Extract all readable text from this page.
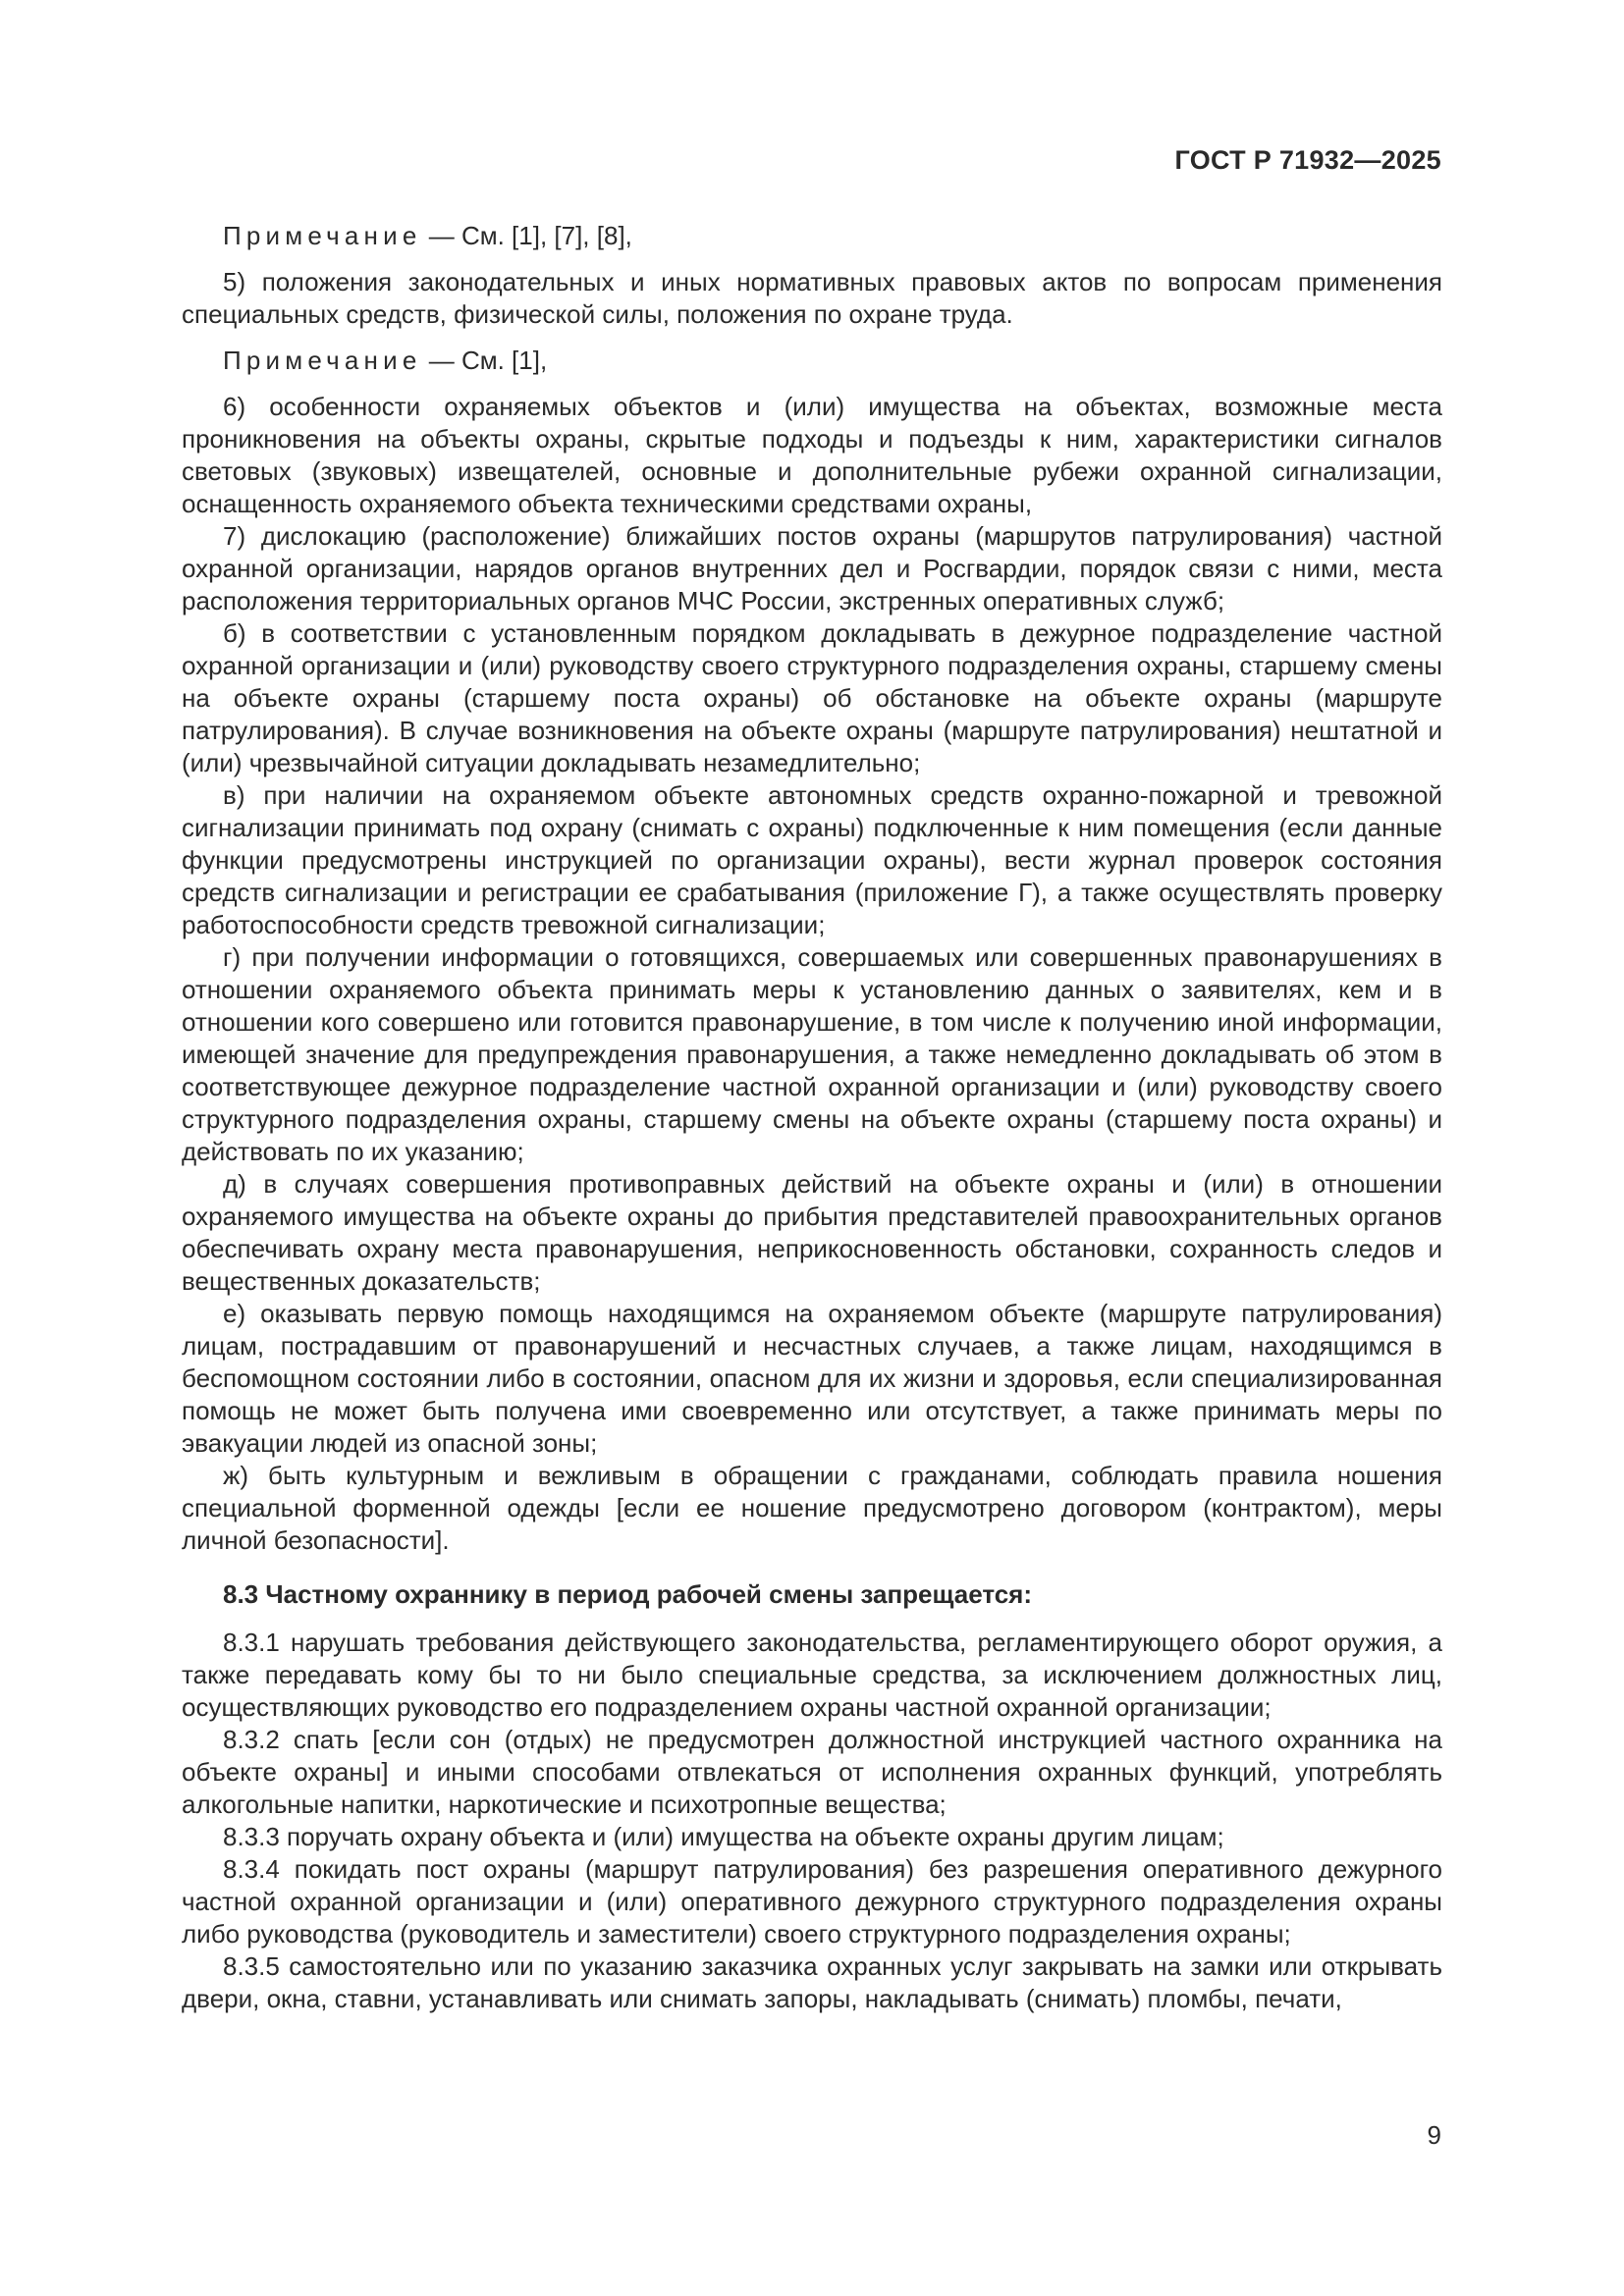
ГОСТ Р 71932—2025

Примечание — См. [1], [7], [8],

5) положения законодательных и иных нормативных правовых актов по вопросам применения специальных средств, физической силы, положения по охране труда.

Примечание — См. [1],

6) особенности охраняемых объектов и (или) имущества на объектах, возможные места проникновения на объекты охраны, скрытые подходы и подъезды к ним, характеристики сигналов световых (звуковых) извещателей, основные и дополнительные рубежи охранной сигнализации, оснащенность охраняемого объекта техническими средствами охраны,

7) дислокацию (расположение) ближайших постов охраны (маршрутов патрулирования) частной охранной организации, нарядов органов внутренних дел и Росгвардии, порядок связи с ними, места расположения территориальных органов МЧС России, экстренных оперативных служб;

б) в соответствии с установленным порядком докладывать в дежурное подразделение частной охранной организации и (или) руководству своего структурного подразделения охраны, старшему смены на объекте охраны (старшему поста охраны) об обстановке на объекте охраны (маршруте патрулирования). В случае возникновения на объекте охраны (маршруте патрулирования) нештатной и (или) чрезвычайной ситуации докладывать незамедлительно;

в) при наличии на охраняемом объекте автономных средств охранно-пожарной и тревожной сигнализации принимать под охрану (снимать с охраны) подключенные к ним помещения (если данные функции предусмотрены инструкцией по организации охраны), вести журнал проверок состояния средств сигнализации и регистрации ее срабатывания (приложение Г), а также осуществлять проверку работоспособности средств тревожной сигнализации;

г) при получении информации о готовящихся, совершаемых или совершенных правонарушениях в отношении охраняемого объекта принимать меры к установлению данных о заявителях, кем и в отношении кого совершено или готовится правонарушение, в том числе к получению иной информации, имеющей значение для предупреждения правонарушения, а также немедленно докладывать об этом в соответствующее дежурное подразделение частной охранной организации и (или) руководству своего структурного подразделения охраны, старшему смены на объекте охраны (старшему поста охраны) и действовать по их указанию;

д) в случаях совершения противоправных действий на объекте охраны и (или) в отношении охраняемого имущества на объекте охраны до прибытия представителей правоохранительных органов обеспечивать охрану места правонарушения, неприкосновенность обстановки, сохранность следов и вещественных доказательств;

е) оказывать первую помощь находящимся на охраняемом объекте (маршруте патрулирования) лицам, пострадавшим от правонарушений и несчастных случаев, а также лицам, находящимся в беспомощном состоянии либо в состоянии, опасном для их жизни и здоровья, если специализированная помощь не может быть получена ими своевременно или отсутствует, а также принимать меры по эвакуации людей из опасной зоны;

ж) быть культурным и вежливым в обращении с гражданами, соблюдать правила ношения специальной форменной одежды [если ее ношение предусмотрено договором (контрактом), меры личной безопасности].

8.3 Частному охраннику в период рабочей смены запрещается:

8.3.1 нарушать требования действующего законодательства, регламентирующего оборот оружия, а также передавать кому бы то ни было специальные средства, за исключением должностных лиц, осуществляющих руководство его подразделением охраны частной охранной организации;

8.3.2 спать [если сон (отдых) не предусмотрен должностной инструкцией частного охранника на объекте охраны] и иными способами отвлекаться от исполнения охранных функций, употреблять алкогольные напитки, наркотические и психотропные вещества;

8.3.3 поручать охрану объекта и (или) имущества на объекте охраны другим лицам;

8.3.4 покидать пост охраны (маршрут патрулирования) без разрешения оперативного дежурного частной охранной организации и (или) оперативного дежурного структурного подразделения охраны либо руководства (руководитель и заместители) своего структурного подразделения охраны;

8.3.5 самостоятельно или по указанию заказчика охранных услуг закрывать на замки или открывать двери, окна, ставни, устанавливать или снимать запоры, накладывать (снимать) пломбы, печати,

9
